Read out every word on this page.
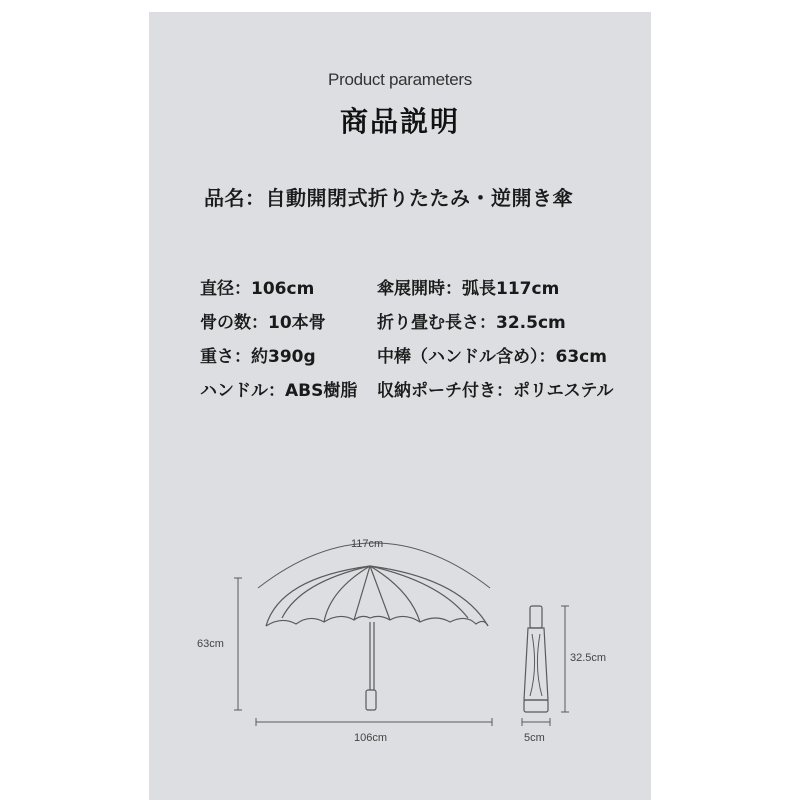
Product parameters
商品説明
品名：自動開閉式折りたたみ・逆開き傘
直径：106cm
骨の数：10本骨
重さ：約390g
ハンドル：ABS樹脂
傘展開時：弧長117cm
折り畳む長さ：32.5cm
中棒（ハンドル含め）：63cm
収納ポーチ付き：ポリエステル
117cm
63cm
106cm
32.5cm
5cm
